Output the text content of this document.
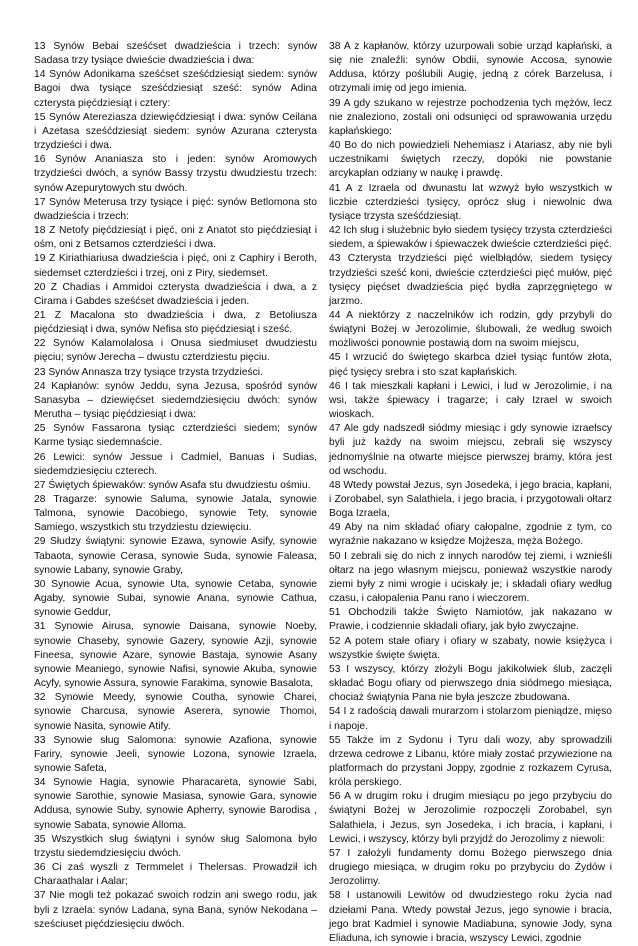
13 Synów Bebai sześćset dwadzieścia i trzech: synów Sadasa trzy tysiące dwieście dwadzieścia i dwa:

14 Synów Adonikama sześćset sześćdziesiąt siedem: synów Bagoi dwa tysiące sześćdziesiąt sześć: synów Adina czterysta pięćdziesiąt i cztery:

15 Synów Atereziasza dziewięćdziesiąt i dwa: synów Ceilana i Azetasa sześćdziesiąt siedem: synów Azurana czterysta trzydzieści i dwa.

16 Synów Ananiasza sto i jeden: synów Aromowych trzydzieści dwóch, a synów Bassy trzystu dwudziestu trzech: synów Azepurytowych stu dwóch.

17 Synów Meterusa trzy tysiące i pięć: synów Betlomona sto dwadzieścia i trzech:

18 Z Netofy pięćdziesiąt i pięć, oni z Anatot sto pięćdziesiąt i ośm, oni z Betsamos czterdzieści i dwa.

19 Z Kiriathiariusa dwadzieścia i pięć, oni z Caphiry i Beroth, siedemset czterdzieści i trzej, oni z Piry, siedemset.

20 Z Chadias i Ammidoi czterysta dwadzieścia i dwa, a z Cirama i Gabdes sześćset dwadzieścia i jeden.

21 Z Macalona sto dwadzieścia i dwa, z Betoliusza pięćdziesiąt i dwa, synów Nefisa sto pięćdziesiąt i sześć.

22 Synów Kalamolalosa i Onusa siedmiuset dwudziestu pięciu; synów Jerecha – dwustu czterdziestu pięciu.

23 Synów Annasza trzy tysiące trzysta trzydzieści.

24 Kapłanów: synów Jeddu, syna Jezusa, spośród synów Sanasyba – dziewięćset siedemdziesięciu dwóch: synów Merutha – tysiąc pięćdziesiąt i dwa:

25 Synów Fassarona tysiąc czterdzieści siedem; synów Karme tysiąc siedemnaście.

26 Lewici: synów Jessue i Cadmiel, Banuas i Sudias, siedemdziesięciu czterech.

27 Święty​ch śpiewaków: synów Asafa stu dwudziestu ośmiu.

28 Tragarze: synowie Saluma, synowie Jatala, synowie Talmona, synowie Dacobiego, synowie Tety, synowie Samiego, wszystkich stu trzydziestu dziewięciu.

29 Słudzy świątyni: synowie Ezawa, synowie Asify, synowie Tabaota, synowie Cerasa, synowie Suda, synowie Faleasa, synowie Labany, synowie Graby,

30 Synowie Acua, synowie Uta, synowie Cetaba, synowie Agaby, synowie Subai, synowie Anana, synowie Cathua, synowie Geddur,

31 Synowie Airusa, synowie Daisana, synowie Noeby, synowie Chaseby, synowie Gazery, synowie Azji, synowie Fineesa, synowie Azare, synowie Bastaja, synowie Asany synowie Meaniego, synowie Nafisi, synowie Akuba, synowie Acyfy, synowie Assura, synowie Farakima, synowie Basalota,

32 Synowie Meedy, synowie Coutha, synowie Charei, synowie Charcusa, synowie Aserera, synowie Thomoi, synowie Nasita, synowie Atify.

33 Synowie sług Salomona: synowie Azafiona, synowie Fariry, synowie Jeeli, synowie Lozona, synowie Izraela, synowie Safeta,

34 Synowie Hagia, synowie Pharacareta, synowie Sabi, synowie Sarothie, synowie Masiasa, synowie Gara, synowie Addusa, synowie Suby, synowie Apherry, synowie Barodisa , synowie Sabata, synowie Alloma.

35 Wszystkich sług świątyni i synów sług Salomona było trzystu siedemdziesięciu dwóch.

36 Ci zaś wyszli z Termmelet i Thelersas. Prowadził ich Charaathalar i Aalar;

37 Nie mogli też pokazać swoich rodzin ani swego rodu, jak byli z Izraela: synów Ladana, syna Bana, synów Nekodana – sześciuset pięćdziesięciu dwóch.

38 A z kapłanów, którzy uzurpowali sobie urząd kapłański, a się nie znaleźli: synów Obdii, synowie Accosa, synowie Addusa, którzy poślubili Augię, jedną z córek Barzelusa, i otrzymali imię od jego imienia.

39 A gdy szukano w rejestrze pochodzenia tych mężów, lecz nie znaleziono, zostali oni odsunięci od sprawowania urzędu kapłańskiego:

40 Bo do nich powiedzieli Nehemiasz i Atariasz, aby nie byli uczestnikami świętych rzeczy, dopóki nie powstanie arcykapłan odziany w naukę i prawdę.

41 A z Izraela od dwunastu lat wzwyż było wszystkich w liczbie czterdzieści tysięcy, oprócz sług i niewolnic dwa tysiące trzysta sześćdziesiąt.

42 Ich sług i służebnic było siedem tysięcy trzysta czterdzieści siedem, a śpiewaków i śpiewaczek dwieście czterdzieści pięć.

43 Czterysta trzydzieści pięć wielbłądów, siedem tysięcy trzydzieści sześć koni, dwieście czterdzieści pięć mułów, pięć tysięcy pięćset dwadzieścia pięć bydła zaprzęgniętego w jarzmo.

44 A niektórzy z naczelników ich rodzin, gdy przybyli do świątyni Bożej w Jerozolimie, ślubowali, że według swoich możliwości ponownie postawią dom na swoim miejscu,

45 I wrzucić do świętego skarbca dzieł tysiąc funtów złota, pięć tysięcy srebra i sto szat kapłańskich.

46 I tak mieszkali kapłani i Lewici, i lud w Jerozolimie, i na wsi, także śpiewacy i tragarze; i cały Izrael w swoich wioskach.

47 Ale gdy nadszedł siódmy miesiąc i gdy synowie izraelscy byli już każdy na swoim miejscu, zebrali się wszyscy jednomyślnie na otwarte miejsce pierwszej bramy, która jest od wschodu.

48 Wtedy powstał Jezus, syn Josedeka, i jego bracia, kapłani, i Zorobabel, syn Salathiela, i jego bracia, i przygotowali ołtarz Boga Izraela,

49 Aby na nim składać ofiary całopalne, zgodnie z tym, co wyraźnie nakazano w księdze Mojżesza, męża Bożego.

50 I zebrali się do nich z innych narodów tej ziemi, i wznieśli ołtarz na jego własnym miejscu, ponieważ wszystkie narody ziemi były z nimi wrogie i uciskały je; i składali ofiary według czasu, i całopalenia Panu rano i wieczorem.

51 Obchodzili także Święto Namiotów, jak nakazano w Prawie, i codziennie składali ofiary, jak było zwyczajne.

52 A potem stałe ofiary i ofiary w szabaty, nowie księżyca i wszystkie święte święta.

53 I wszyscy, którzy złożyli Bogu jakikolwiek ślub, zaczęli składać Bogu ofiary od pierwszego dnia siódmego miesiąca, chociaż świątynia Pana nie była jeszcze zbudowana.

54 I z radością dawali murarzom i stolarzom pieniądze, mięso i napoje.

55 Także im z Sydonu i Tyru dali wozy, aby sprowadzili drzewa cedrowe z Libanu, które miały zostać przywiezione na platformach do przystani Joppy, zgodnie z rozkazem Cyrusa, króla perskiego.

56 A w drugim roku i drugim miesiącu po jego przybyciu do świątyni Bożej w Jerozolimie rozpoczęli Zorobabel, syn Salathiela, i Jezus, syn Josedeka, i ich bracia, i kapłani, i Lewici, i wszyscy, którzy byli przyjdź do Jerozolimy z niewoli:

57 I założyli fundamenty domu Bożego pierwszego dnia drugiego miesiąca, w drugim roku po przybyciu do Żydów i Jerozolimy.

58 I ustanowili Lewitów od dwudziestego roku życia nad dziełami Pana. Wtedy powstał Jezus, jego synowie i bracia, jego brat Kadmiel i synowie Madiabuna, synowie Jody, syna Eliaduna, ich synowie i bracia, wszyscy Lewici, zgodnie
